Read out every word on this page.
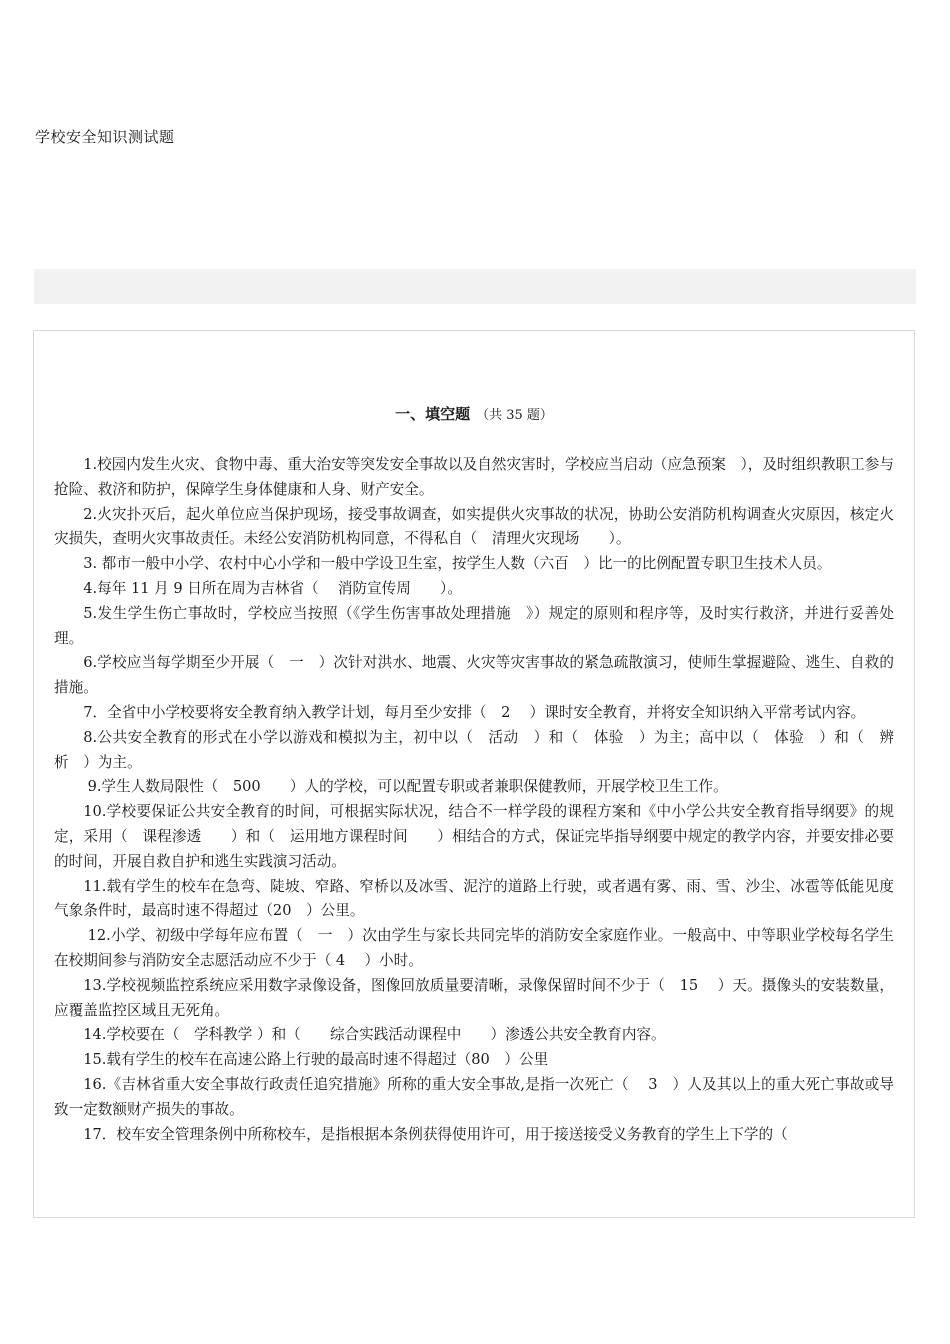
学校安全知识测试题
一、填空题 （共 35 题）

1.校园内发生火灾、食物中毒、重大治安等突发安全事故以及自然灾害时，学校应当启动（应急预案　），及时组织教职工参与抢险、救济和防护，保障学生身体健康和人身、财产安全。

2.火灾扑灭后，起火单位应当保护现场，接受事故调查，如实提供火灾事故的状况，协助公安消防机构调查火灾原因，核定火灾损失，查明火灾事故责任。未经公安消防机构同意，不得私自（　清理火灾现场　　）。

3. 都市一般中小学、农村中心小学和一般中学设卫生室，按学生人数（六百　）比一的比例配置专职卫生技术人员。

4.每年 11 月 9 日所在周为吉林省（　 消防宣传周　　）。

5.发生学生伤亡事故时，学校应当按照（《学生伤害事故处理措施　》）规定的原则和程序等，及时实行救济，并进行妥善处理。

6.学校应当每学期至少开展（　一　）次针对洪水、地震、火灾等灾害事故的紧急疏散演习，使师生掌握避险、逃生、自救的措施。

7．全省中小学校要将安全教育纳入教学计划，每月至少安排（　2　 ）课时安全教育，并将安全知识纳入平常考试内容。

8.公共安全教育的形式在小学以游戏和模拟为主，初中以（　活动　）和（　体验　）为主；高中以（　体验　）和（　辨析　）为主。

9.学生人数局限性（　500　　）人的学校，可以配置专职或者兼职保健教师，开展学校卫生工作。

10.学校要保证公共安全教育的时间，可根据实际状况，结合不一样学段的课程方案和《中小学公共安全教育指导纲要》的规定，采用（　课程渗透　　）和（　运用地方课程时间　　）相结合的方式，保证完毕指导纲要中规定的教学内容，并要安排必要的时间，开展自救自护和逃生实践演习活动。

11.载有学生的校车在急弯、陡坡、窄路、窄桥以及冰雪、泥泞的道路上行驶，或者遇有雾、雨、雪、沙尘、冰雹等低能见度气象条件时，最高时速不得超过（20　）公里。

12.小学、初级中学每年应布置（　一　）次由学生与家长共同完毕的消防安全家庭作业。一般高中、中等职业学校每名学生在校期间参与消防安全志愿活动应不少于（ 4　 ）小时。

13.学校视频监控系统应采用数字录像设备，图像回放质量要清晰，录像保留时间不少于（　15　 ）天。摄像头的安装数量，应覆盖监控区域且无死角。

14.学校要在（　学科教学 ）和（　　综合实践活动课程中　　）渗透公共安全教育内容。

15.载有学生的校车在高速公路上行驶的最高时速不得超过（80　）公里

16.《吉林省重大安全事故行政责任追究措施》所称的重大安全事故,是指一次死亡（　 3　）人及其以上的重大死亡事故或导致一定数额财产损失的事故。

17．校车安全管理条例中所称校车，是指根据本条例获得使用许可，用于接送接受义务教育的学生上下学的（
